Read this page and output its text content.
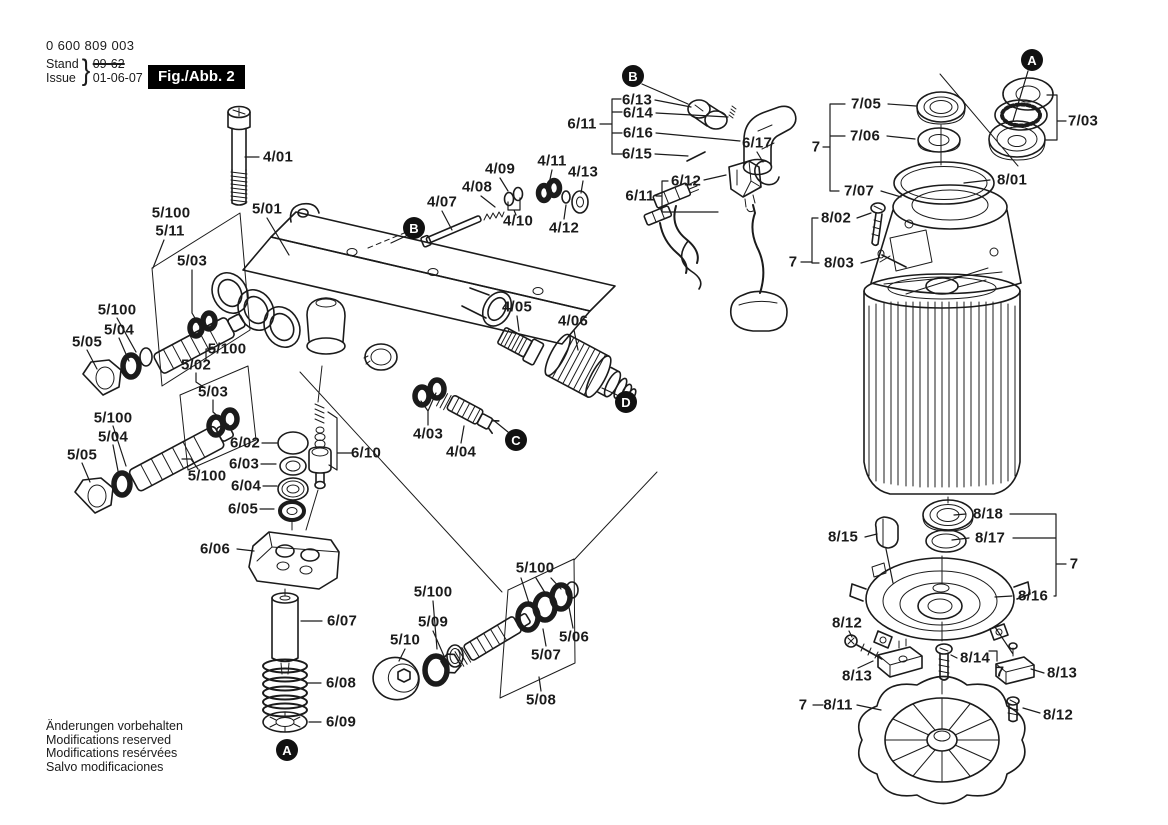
0 600 809 003
Stand
Issue } 09-62
01-06-07	Fig./Abb. 2
4/01
5/100
5/11
5/01
5/03
5/100
5/04
5/05	5/100
5/02
5/03
5/100
5/04
5/05
5/100
6/02
6/03
6/04
6/05
6/06
6/07
6/08
6/09
6/10
4/07
4/08
4/09
4/10
4/11
4/12
4/13
4/05
4/06
4/03
4/04
6/13
6/14
6/11
6/16
6/15
6/17
6/12
6/11
5/100
5/09
5/10
5/100
5/06
5/07
5/08
7/05
7/06
7
7/03
7/07
8/01
8/02
8/03
7
8/18
8/15	8/17
7
8/16
8/12
8/13
8/14
7	8/13
7 8/11
8/12
A
A
B
B
C
D
Änderungen vorbehalten
Modifications reserved
Modifications resérvées
Salvo modificaciones
